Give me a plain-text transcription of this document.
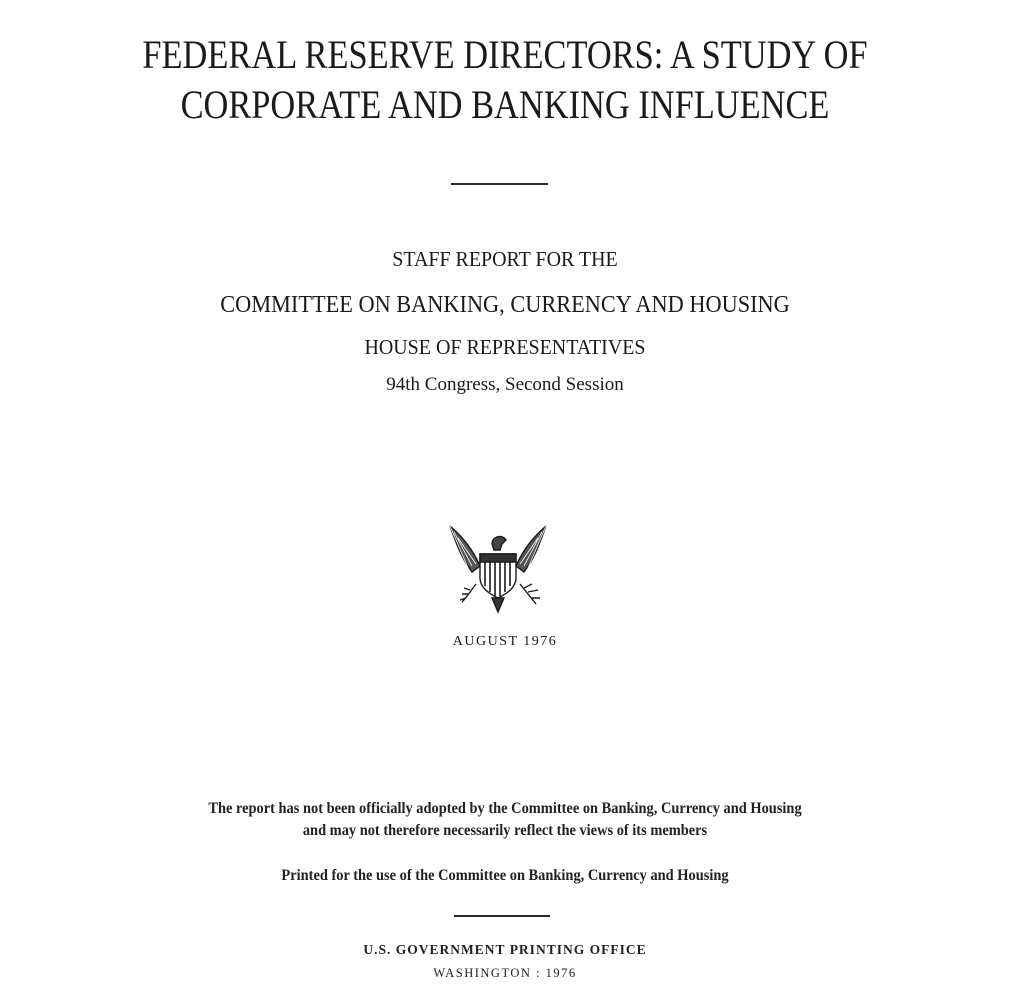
FEDERAL RESERVE DIRECTORS: A STUDY OF
CORPORATE AND BANKING INFLUENCE
STAFF REPORT FOR THE
COMMITTEE ON BANKING, CURRENCY AND HOUSING
HOUSE OF REPRESENTATIVES
94th Congress, Second Session
AUGUST 1976
The report has not been officially adopted by the Committee on Banking, Currency and Housing
and may not therefore necessarily reflect the views of its members
Printed for the use of the Committee on Banking, Currency and Housing
U.S. GOVERNMENT PRINTING OFFICE
WASHINGTON : 1976
